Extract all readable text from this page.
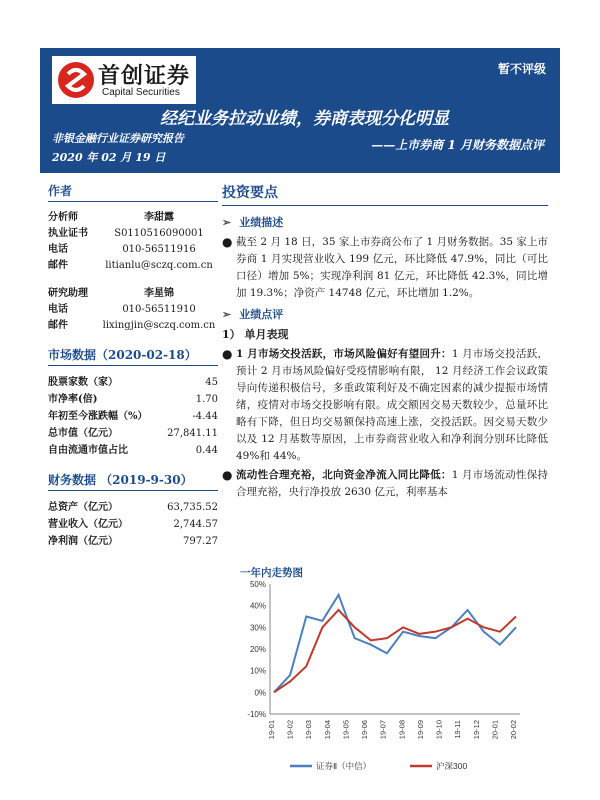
首创证券
Capital Securities
暂不评级
经纪业务拉动业绩，券商表现分化明显
非银金融行业证券研究报告
2020 年 02 月 19 日
——上市券商 1 月财务数据点评
作者
分析师	李甜露
执业证书	S0110516090001
电话	010-56511916
邮件	litianlu@sczq.com.cn
研究助理	李星锦
电话	010-56511910
邮件	lixingjin@sczq.com.cn
市场数据（2020-02-18）
股票家数（家）	45
市净率(倍)	1.70
年初至今涨跌幅（%）	-4.44
总市值（亿元）	27,841.11
自由流通市值占比	0.44
财务数据 （2019-9-30）
总资产（亿元）	63,735.52
营业收入（亿元）	2,744.57
净利润（亿元）	797.27
投资要点
➢ 业绩描述
● 截至 2 月 18 日，35 家上市券商公布了 1 月财务数据。35 家上市券商 1 月实现营业收入 199 亿元，环比降低 47.9%，同比（可比口径）增加 5%；实现净利润 81 亿元，环比降低 42.3%，同比增加 19.3%；净资产 14748 亿元，环比增加 1.2%。
➢ 业绩点评
1） 单月表现
● 1 月市场交投活跃，市场风险偏好有望回升：1 月市场交投活跃，预计 2 月市场风险偏好受疫情影响有限， 12 月经济工作会议政策导向传递积极信号，多重政策利好及不确定因素的减少提振市场情绪，疫情对市场交投影响有限。成交额因交易天数较少，总量环比略有下降，但日均交易额保持高速上涨，交投活跃。因交易天数少以及 12 月基数等原因，上市券商营业收入和净利润分别环比降低 49%和 44%。
● 流动性合理充裕，北向资金净流入同比降低：1 月市场流动性保持合理充裕，央行净投放 2630 亿元，利率基本
一年内走势图
-10%
0%
10%
20%
30%
40%
50%
19-01 19-02 19-03 19-04 19-05 19-06 19-07 19-08 19-09 19-10 19-11 19-12 20-01 20-02
证券Ⅱ（中信）	沪深300
